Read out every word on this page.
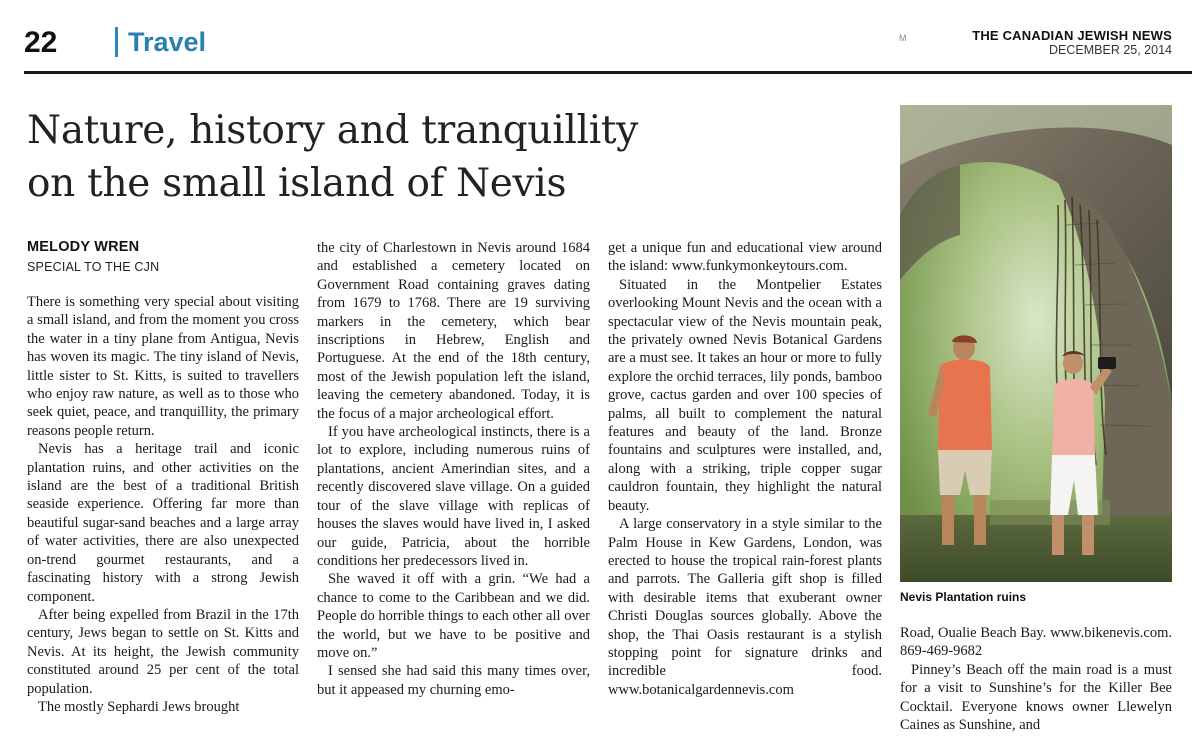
22	Travel	M	THE CANADIAN JEWISH NEWS
DECEMBER 25, 2014
Nature, history and tranquillity
on the small island of Nevis
MELODY WREN
SPECIAL TO THE CJN

There is something very special about visiting a small island, and from the moment you cross the water in a tiny plane from Antigua, Nevis has woven its magic. The tiny island of Nevis, little sister to St. Kitts, is suited to travellers who enjoy raw nature, as well as to those who seek quiet, peace, and tranquillity, the primary reasons people return.

Nevis has a heritage trail and iconic plantation ruins, and other activities on the island are the best of a traditional British seaside experience. Offering far more than beautiful sugar-sand beaches and a large array of water activities, there are also unexpected on-trend gourmet restaurants, and a fascinating history with a strong Jewish component.

After being expelled from Brazil in the 17th century, Jews began to settle on St. Kitts and Nevis. At its height, the Jewish community constituted around 25 per cent of the total population.

The mostly Sephardi Jews brought

the city of Charlestown in Nevis around 1684 and established a cemetery located on Government Road containing graves dating from 1679 to 1768. There are 19 surviving markers in the cemetery, which bear inscriptions in Hebrew, English and Portuguese. At the end of the 18th century, most of the Jewish population left the island, leaving the cemetery abandoned. Today, it is the focus of a major archeological effort.

If you have archeological instincts, there is a lot to explore, including numerous ruins of plantations, ancient Amerindian sites, and a recently discovered slave village. On a guided tour of the slave village with replicas of houses the slaves would have lived in, I asked our guide, Patricia, about the horrible conditions her predecessors lived in.

She waved it off with a grin. “We had a chance to come to the Caribbean and we did. People do horrible things to each other all over the world, but we have to be positive and move on.”

I sensed she had said this many times over, but it appeased my churning emo-

get a unique fun and educational view around the island: www.funkymonkeytours.com.

Situated in the Montpelier Estates overlooking Mount Nevis and the ocean with a spectacular view of the Nevis mountain peak, the privately owned Nevis Botanical Gardens are a must see. It takes an hour or more to fully explore the orchid terraces, lily ponds, bamboo grove, cactus garden and over 100 species of palms, all built to complement the natural features and beauty of the land. Bronze fountains and sculptures were installed, and, along with a striking, triple copper sugar cauldron fountain, they highlight the natural beauty.

A large conservatory in a style similar to the Palm House in Kew Gardens, London, was erected to house the tropical rain-forest plants and parrots. The Galleria gift shop is filled with desirable items that exuberant owner Christi Douglas sources globally. Above the shop, the Thai Oasis restaurant is a stylish stopping point for signature drinks and incredible food. www.botanicalgardennevis.com

Nevis Plantation ruins

Road, Oualie Beach Bay. www.bikenevis.com. 869-469-9682

Pinney’s Beach off the main road is a must for a visit to Sunshine’s for the Killer Bee Cocktail. Everyone knows owner Llewelyn Caines as Sunshine, and
